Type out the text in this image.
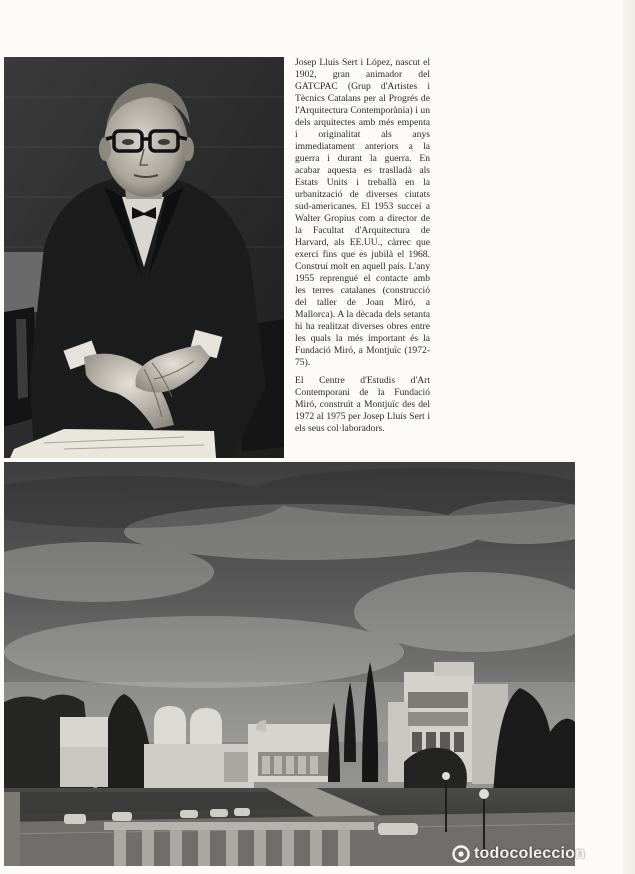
Josep Lluís Sert i López, nascut el 1902, gran animador del GATCPAC (Grup d'Artistes i Tècnics Catalans per al Progrés de l'Arquitectura Contemporània) i un dels arquitectes amb més empenta i originalitat als anys immediatament anteriors a la guerra i durant la guerra. En acabar aquesta es traslladà als Estats Units i treballà en la urbanització de diverses ciutats sud-americanes. El 1953 succeí a Walter Gropius com a director de la Facultat d'Arquitectura de Harvard, als EE.UU., càrrec que exercí fins que es jubilà el 1968. Construí molt en aquell país. L'any 1955 reprengué el contacte amb les terres catalanes (construcció del taller de Joan Miró, a Mallorca). A la dècada dels setanta hi ha realitzat diverses obres entre les quals la més important és la Fundació Miró, a Montjuïc (1972-75).

El Centre d'Estudis d'Art Contemporani de la Fundació Miró, construït a Montjuïc des del 1972 al 1975 per Josep Lluís Sert i els seus col·laboradors.

todocoleccion
